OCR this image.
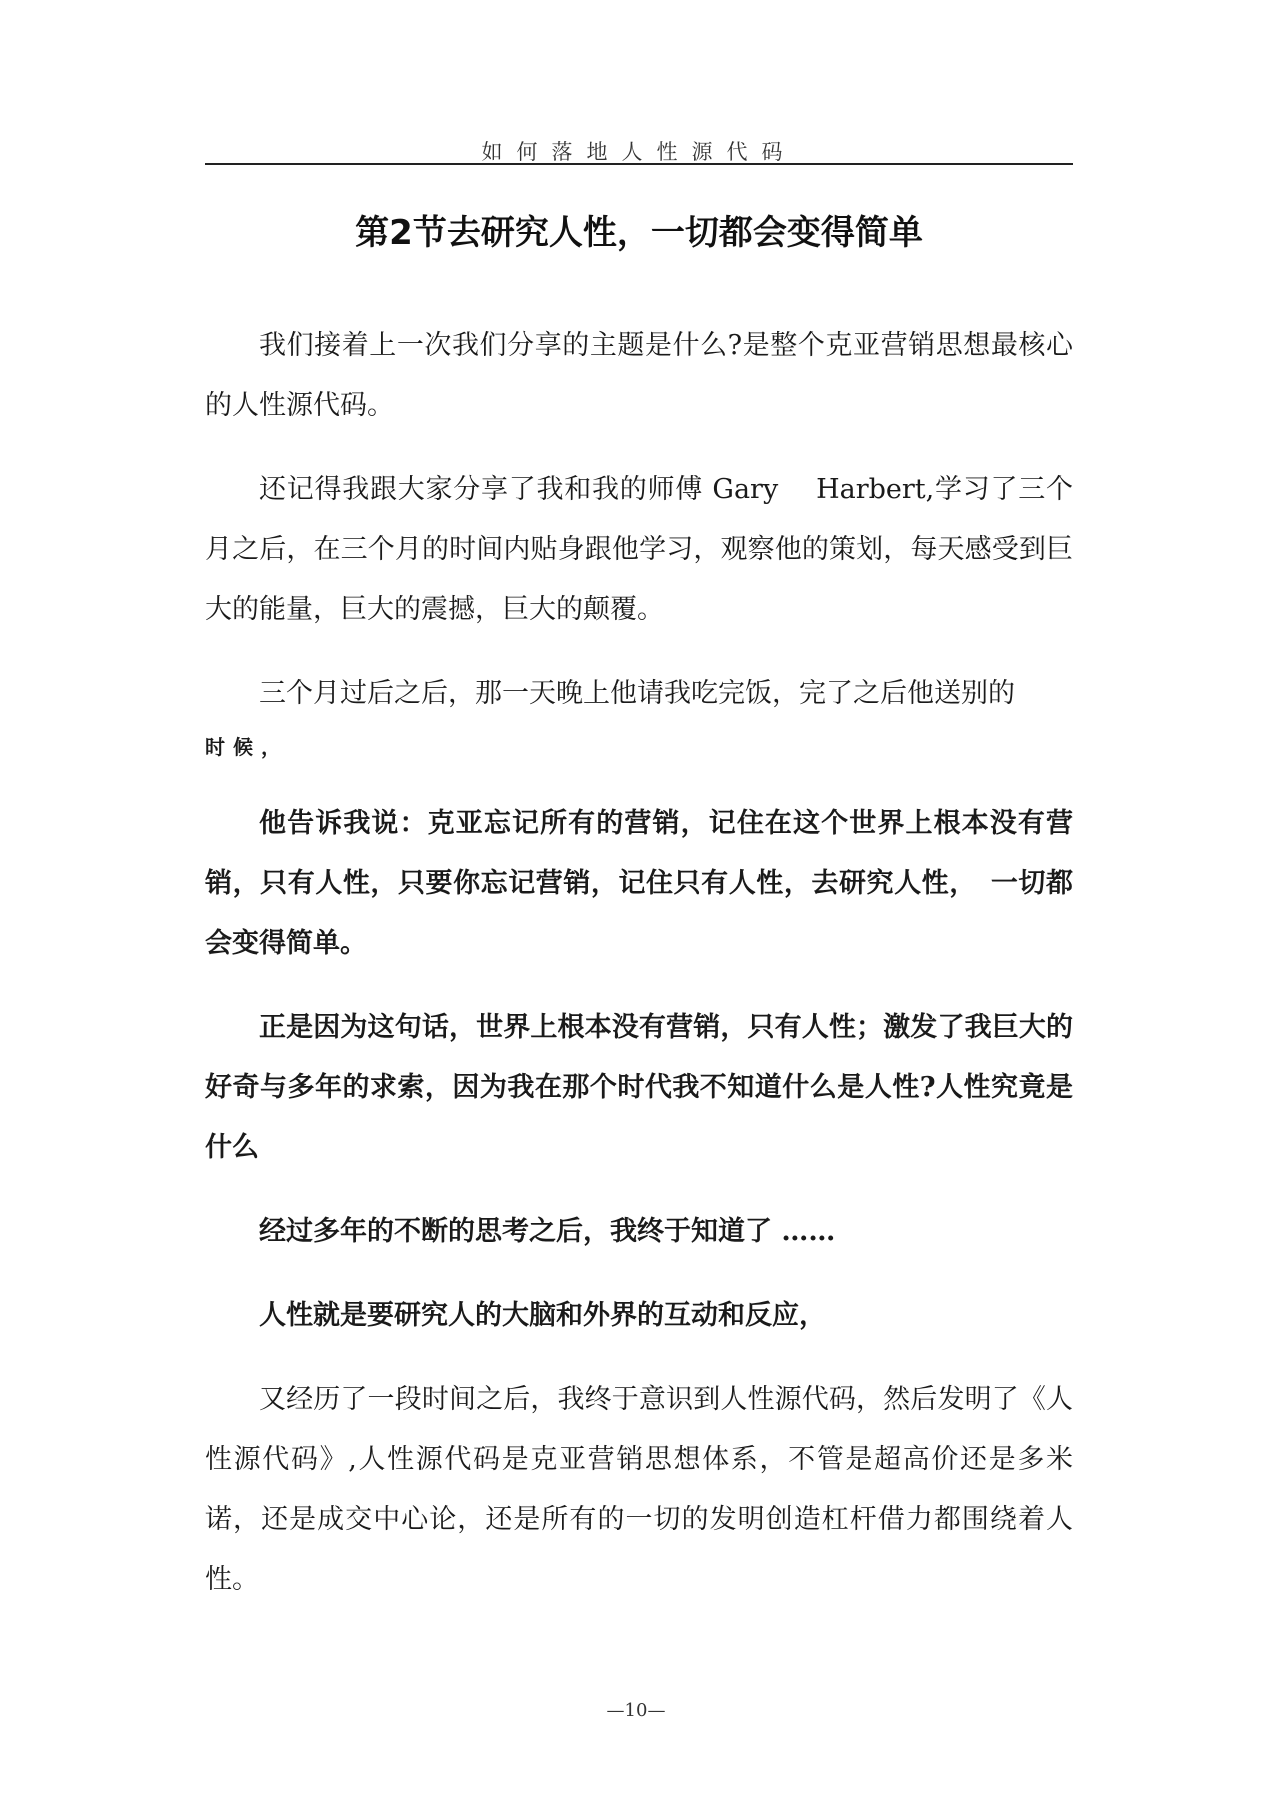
如何落地人性源代码
第2节去研究人性，一切都会变得简单

我们接着上一次我们分享的主题是什么?是整个克亚营销思想最核心的人性源代码。

还记得我跟大家分享了我和我的师傅 Gary　 Harbert,学习了三个月之后，在三个月的时间内贴身跟他学习，观察他的策划，每天感受到巨大的能量，巨大的震撼，巨大的颠覆。

三个月过后之后，那一天晚上他请我吃完饭，完了之后他送别的

时候，

他告诉我说：克亚忘记所有的营销，记住在这个世界上根本没有营销，只有人性，只要你忘记营销，记住只有人性，去研究人性，　一切都会变得简单。

正是因为这句话，世界上根本没有营销，只有人性；激发了我巨大的好奇与多年的求索，因为我在那个时代我不知道什么是人性?人性究竟是什么

经过多年的不断的思考之后，我终于知道了 ……

人性就是要研究人的大脑和外界的互动和反应，

又经历了一段时间之后，我终于意识到人性源代码，然后发明了《人性源代码》,人性源代码是克亚营销思想体系，不管是超高价还是多米诺，还是成交中心论，还是所有的一切的发明创造杠杆借力都围绕着人性。

—10—
